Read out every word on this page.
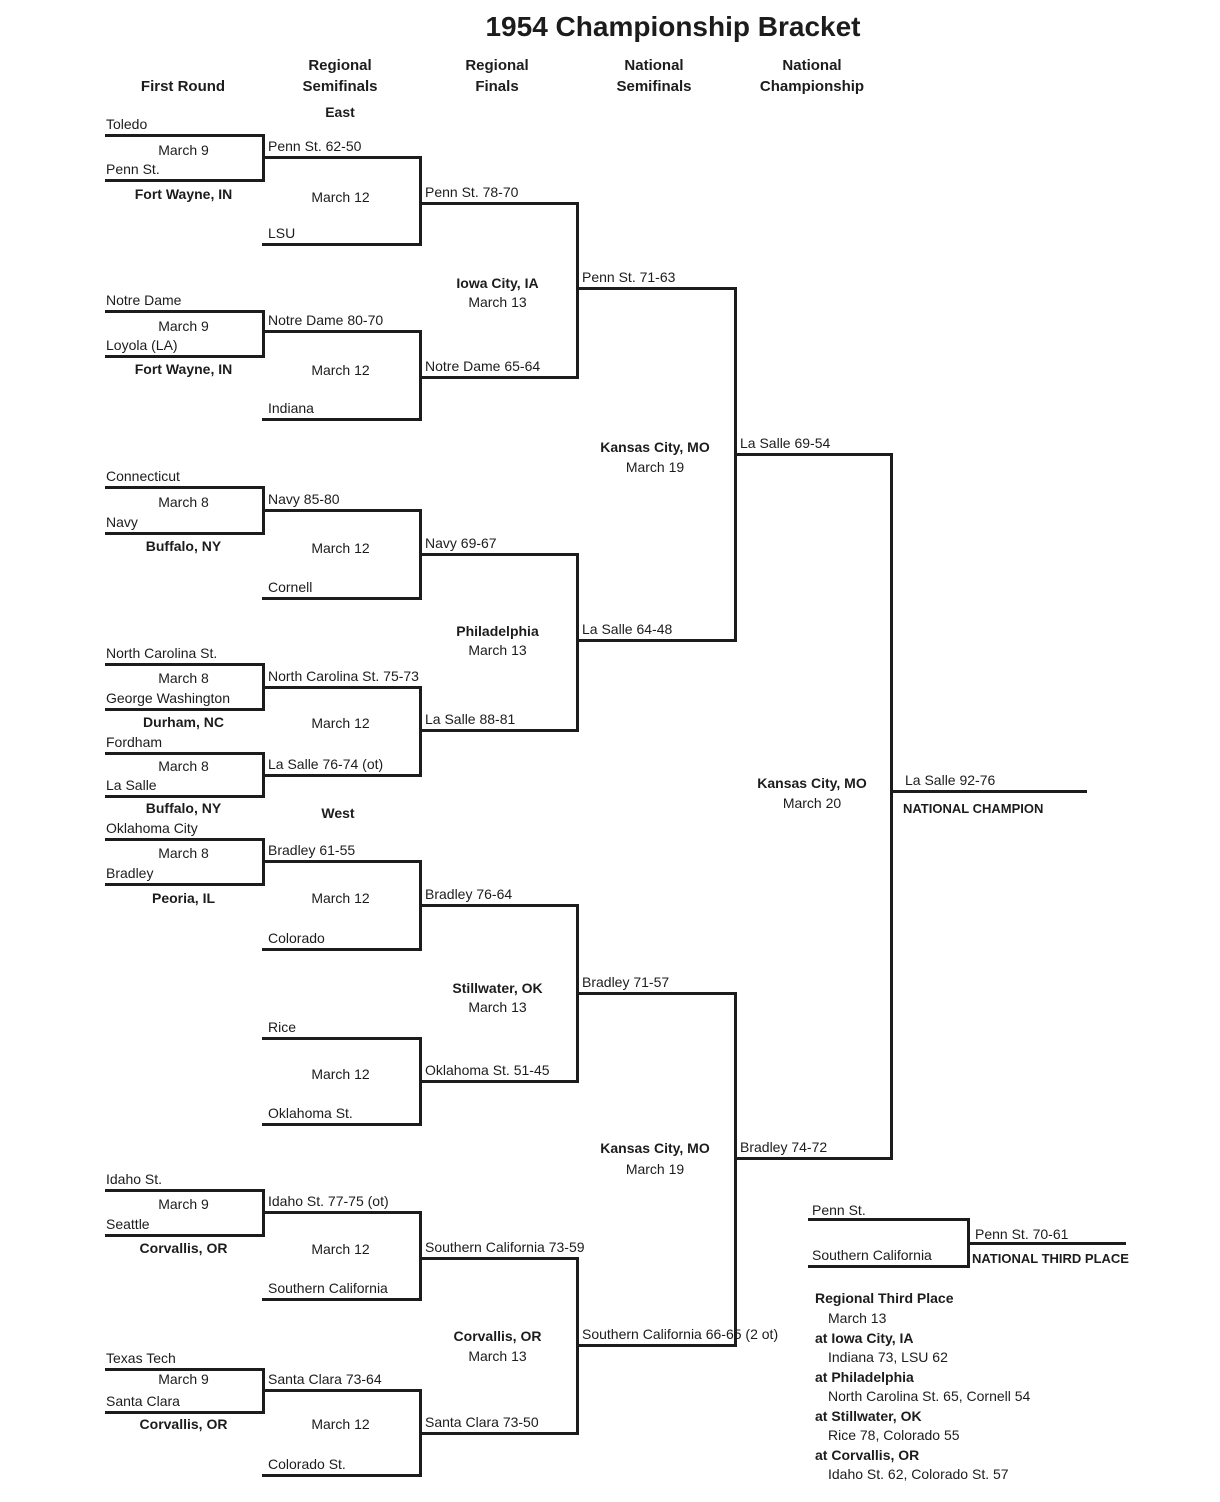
1954 Championship Bracket
First Round
Regional
Semifinals
Regional
Finals
National
Semifinals
National
Championship
East
West
Toledo
Penn St.
March 9
Fort Wayne, IN
Penn St. 62-50
Notre Dame
Loyola (LA)
March 9
Fort Wayne, IN
Notre Dame 80-70
Connecticut
Navy
March 8
Buffalo, NY
Navy 85-80
North Carolina St.
George Washington
March 8
Durham, NC
North Carolina St. 75-73
Fordham
La Salle
March 8
Buffalo, NY
La Salle 76-74 (ot)
Oklahoma City
Bradley
March 8
Peoria, IL
Bradley 61-55
Idaho St.
Seattle
March 9
Corvallis, OR
Idaho St. 77-75 (ot)
Texas Tech
Santa Clara
March 9
Corvallis, OR
Santa Clara 73-64
LSU
Indiana
Cornell
Colorado
Rice
Oklahoma St.
Southern California
Colorado St.
March 12	Penn St. 78-70
March 12	Notre Dame 65-64
March 12	Navy 69-67
March 12	La Salle 88-81
March 12	Bradley 76-64
March 12	Oklahoma St. 51-45
March 12	Southern California 73-59
March 12	Santa Clara 73-50
Iowa City, IA
March 13
Penn St. 71-63
Philadelphia
March 13
La Salle 64-48
Stillwater, OK
March 13
Bradley 71-57
Corvallis, OR
March 13
Southern California 66-65 (2 ot)
Kansas City, MO
March 19
La Salle 69-54
Kansas City, MO
March 19
Bradley 74-72
Kansas City, MO
March 20
La Salle 92-76
NATIONAL CHAMPION
Penn St.
Southern California
Penn St. 70-61
NATIONAL THIRD PLACE
Regional Third Place
March 13
at Iowa City, IA
Indiana 73, LSU 62
at Philadelphia
North Carolina St. 65, Cornell 54
at Stillwater, OK
Rice 78, Colorado 55
at Corvallis, OR
Idaho St. 62, Colorado St. 57
